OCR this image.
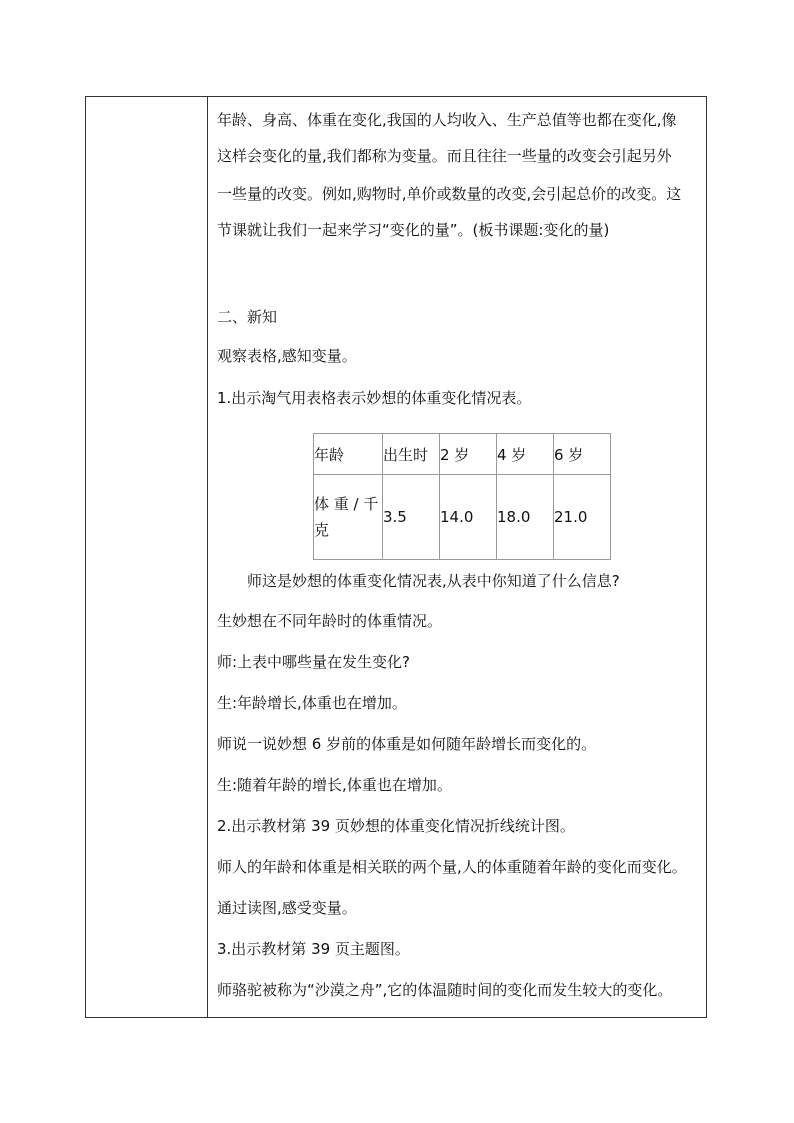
年龄、身高、体重在变化,我国的人均收入、生产总值等也都在变化,像
这样会变化的量,我们都称为变量。而且往往一些量的改变会引起另外
一些量的改变。例如,购物时,单价或数量的改变,会引起总价的改变。这
节课就让我们一起来学习“变化的量”。(板书课题:变化的量)
二、新知
观察表格,感知变量。
1.出示淘气用表格表示妙想的体重变化情况表。
年龄	出生时	2 岁	4 岁	6 岁
体 重 / 千克	3.5	14.0	18.0	21.0
师这是妙想的体重变化情况表,从表中你知道了什么信息?
生妙想在不同年龄时的体重情况。
师:上表中哪些量在发生变化?
生:年龄增长,体重也在增加。
师说一说妙想 6 岁前的体重是如何随年龄增长而变化的。
生:随着年龄的增长,体重也在增加。
2.出示教材第 39 页妙想的体重变化情况折线统计图。
师人的年龄和体重是相关联的两个量,人的体重随着年龄的变化而变化。
通过读图,感受变量。
3.出示教材第 39 页主题图。
师骆驼被称为“沙漠之舟”,它的体温随时间的变化而发生较大的变化。
